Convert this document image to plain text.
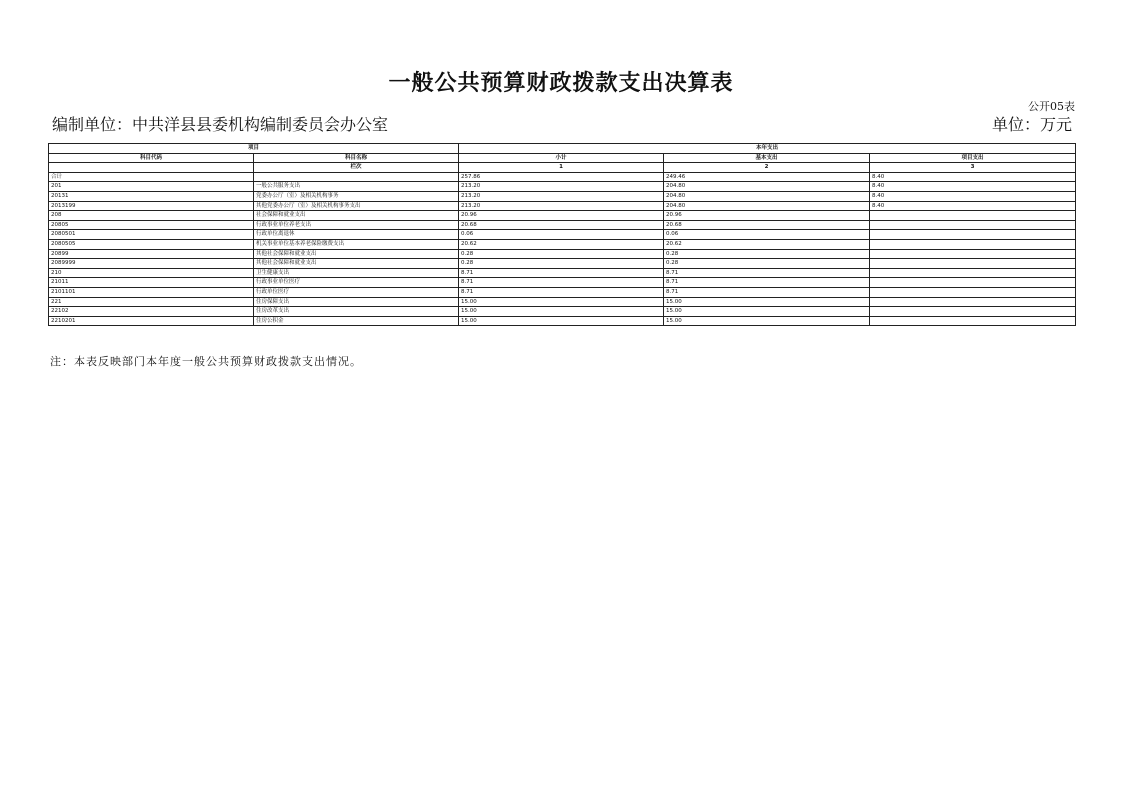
一般公共预算财政拨款支出决算表
公开05表
编制单位：中共洋县县委机构编制委员会办公室	单位：万元
项目		本年支出		
科目代码	科目名称	小计	基本支出	项目支出
	栏次	1	2	3
合计		257.86	249.46	8.40
201	一般公共服务支出	213.20	204.80	8.40
20131	党委办公厅（室）及相关机构事务	213.20	204.80	8.40
2013199	其他党委办公厅（室）及相关机构事务支出	213.20	204.80	8.40
208	社会保障和就业支出	20.96	20.96	
20805	行政事业单位养老支出	20.68	20.68	
2080501	行政单位离退休	0.06	0.06	
2080505	机关事业单位基本养老保险缴费支出	20.62	20.62	
20899	其他社会保障和就业支出	0.28	0.28	
2089999	其他社会保障和就业支出	0.28	0.28	
210	卫生健康支出	8.71	8.71	
21011	行政事业单位医疗	8.71	8.71	
2101101	行政单位医疗	8.71	8.71	
221	住房保障支出	15.00	15.00	
22102	住房改革支出	15.00	15.00	
2210201	住房公积金	15.00	15.00	
注：本表反映部门本年度一般公共预算财政拨款支出情况。
